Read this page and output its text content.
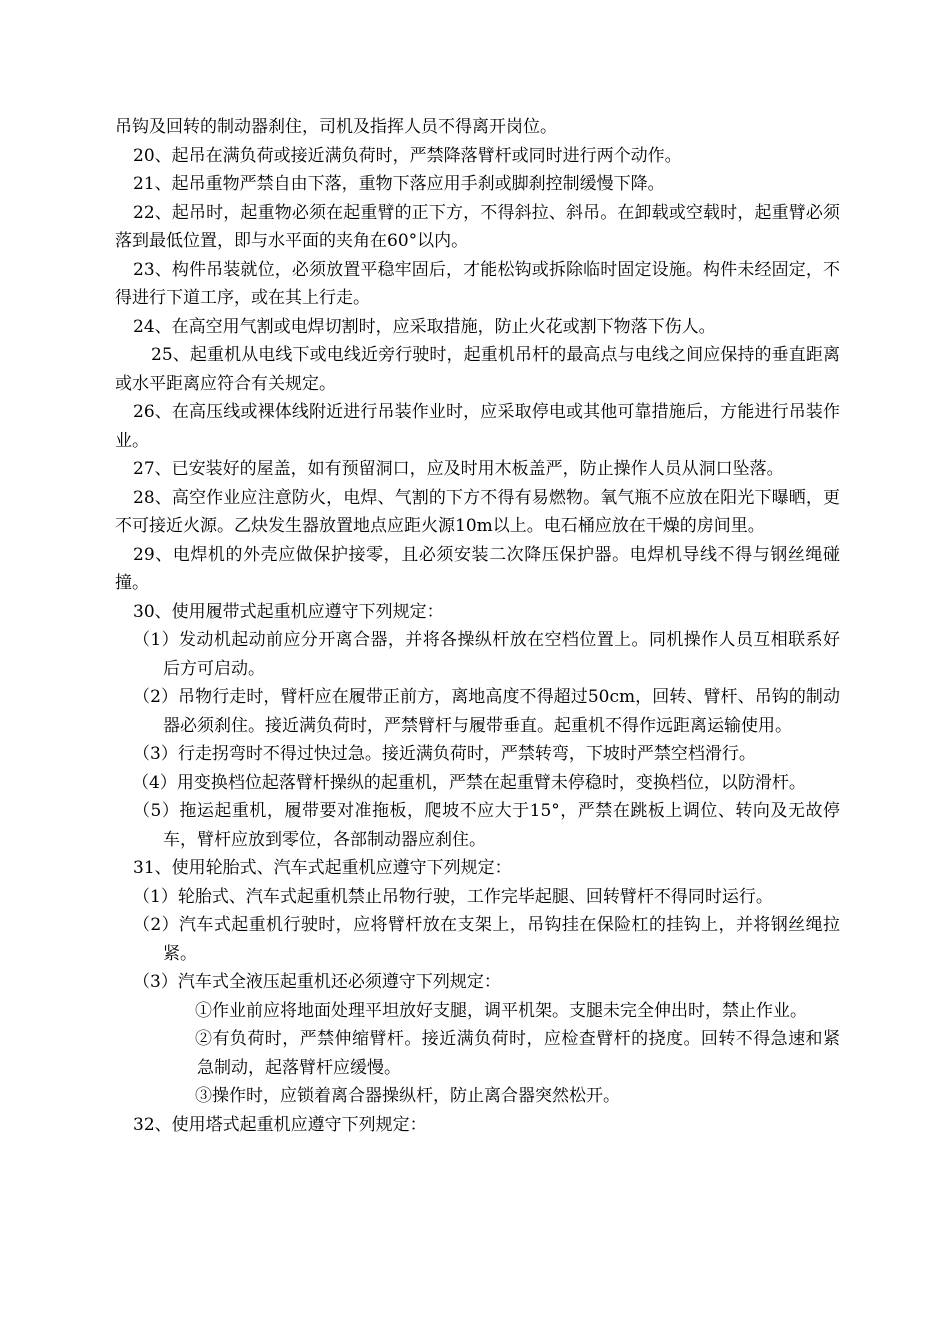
吊钩及回转的制动器刹住，司机及指挥人员不得离开岗位。

20、起吊在满负荷或接近满负荷时，严禁降落臂杆或同时进行两个动作。

21、起吊重物严禁自由下落，重物下落应用手刹或脚刹控制缓慢下降。

22、起吊时，起重物必须在起重臂的正下方，不得斜拉、斜吊。在卸载或空载时，起重臂必须落到最低位置，即与水平面的夹角在60°以内。

23、构件吊装就位，必须放置平稳牢固后，才能松钩或拆除临时固定设施。构件未经固定，不得进行下道工序，或在其上行走。

24、在高空用气割或电焊切割时，应采取措施，防止火花或割下物落下伤人。

25、起重机从电线下或电线近旁行驶时，起重机吊杆的最高点与电线之间应保持的垂直距离或水平距离应符合有关规定。

26、在高压线或裸体线附近进行吊装作业时，应采取停电或其他可靠措施后，方能进行吊装作业。

27、已安装好的屋盖，如有预留洞口，应及时用木板盖严，防止操作人员从洞口坠落。

28、高空作业应注意防火，电焊、气割的下方不得有易燃物。氧气瓶不应放在阳光下曝晒，更不可接近火源。乙炔发生器放置地点应距火源10m以上。电石桶应放在干燥的房间里。

29、电焊机的外壳应做保护接零，且必须安装二次降压保护器。电焊机导线不得与钢丝绳碰撞。

30、使用履带式起重机应遵守下列规定：

（1）发动机起动前应分开离合器，并将各操纵杆放在空档位置上。同机操作人员互相联系好后方可启动。

（2）吊物行走时，臂杆应在履带正前方，离地高度不得超过50cm，回转、臂杆、吊钩的制动器必须刹住。接近满负荷时，严禁臂杆与履带垂直。起重机不得作远距离运输使用。

（3）行走拐弯时不得过快过急。接近满负荷时，严禁转弯，下坡时严禁空档滑行。

（4）用变换档位起落臂杆操纵的起重机，严禁在起重臂未停稳时，变换档位，以防滑杆。

（5）拖运起重机，履带要对准拖板，爬坡不应大于15°，严禁在跳板上调位、转向及无故停车，臂杆应放到零位，各部制动器应刹住。

31、使用轮胎式、汽车式起重机应遵守下列规定：

（1）轮胎式、汽车式起重机禁止吊物行驶，工作完毕起腿、回转臂杆不得同时运行。

（2）汽车式起重机行驶时，应将臂杆放在支架上，吊钩挂在保险杠的挂钩上，并将钢丝绳拉紧。

（3）汽车式全液压起重机还必须遵守下列规定：

①作业前应将地面处理平坦放好支腿，调平机架。支腿未完全伸出时，禁止作业。

②有负荷时，严禁伸缩臂杆。接近满负荷时，应检查臂杆的挠度。回转不得急速和紧急制动，起落臂杆应缓慢。

③操作时，应锁着离合器操纵杆，防止离合器突然松开。

32、使用塔式起重机应遵守下列规定：
